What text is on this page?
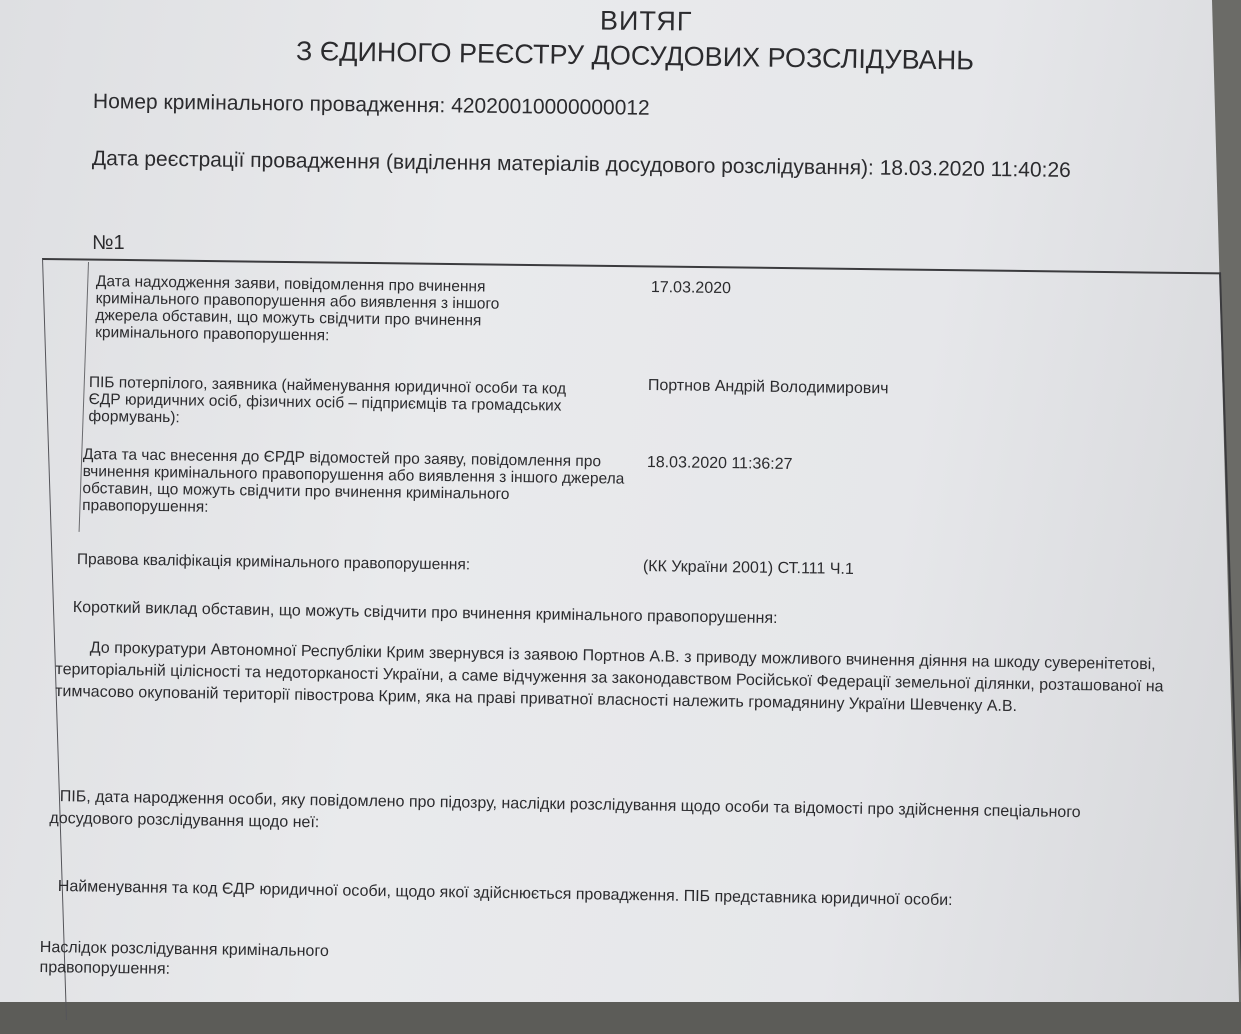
ВИТЯГ
З ЄДИНОГО РЕЄСТРУ ДОСУДОВИХ РОЗСЛІДУВАНЬ

Номер кримінального провадження: 42020010000000012

Дата реєстрації провадження (виділення матеріалів досудового розслідування): 18.03.2020 11:40:26

№1

Дата надходження заяви, повідомлення про вчинення кримінального правопорушення або виявлення з іншого джерела обставин, що можуть свідчити про вчинення кримінального правопорушення:
17.03.2020
ПІБ потерпілого, заявника (найменування юридичної особи та код ЄДР юридичних осіб, фізичних осіб – підприємців та громадських формувань):
Портнов Андрій Володимирович
Дата та час внесення до ЄРДР відомостей про заяву, повідомлення про вчинення кримінального правопорушення або виявлення з іншого джерела обставин, що можуть свідчити про вчинення кримінального правопорушення:
18.03.2020 11:36:27
Правова кваліфікація кримінального правопорушення:	(КК України 2001) СТ.111 Ч.1
Короткий виклад обставин, що можуть свідчити про вчинення кримінального правопорушення:
До прокуратури Автономної Республіки Крим звернувся із заявою Портнов А.В. з приводу можливого вчинення діяння на шкоду суверенітетові, територіальній цілісності та недоторканості України, а саме відчуження за законодавством Російської Федерації земельної ділянки, розташованої на тимчасово окупованій території півострова Крим, яка на праві приватної власності належить громадянину України Шевченку А.В.
ПІБ, дата народження особи, яку повідомлено про підозру, наслідки розслідування щодо особи та відомості про здійснення спеціального досудового розслідування щодо неї:
Найменування та код ЄДР юридичної особи, щодо якої здійснюється провадження. ПІБ представника юридичної особи:
Наслідок розслідування кримінального правопорушення:
